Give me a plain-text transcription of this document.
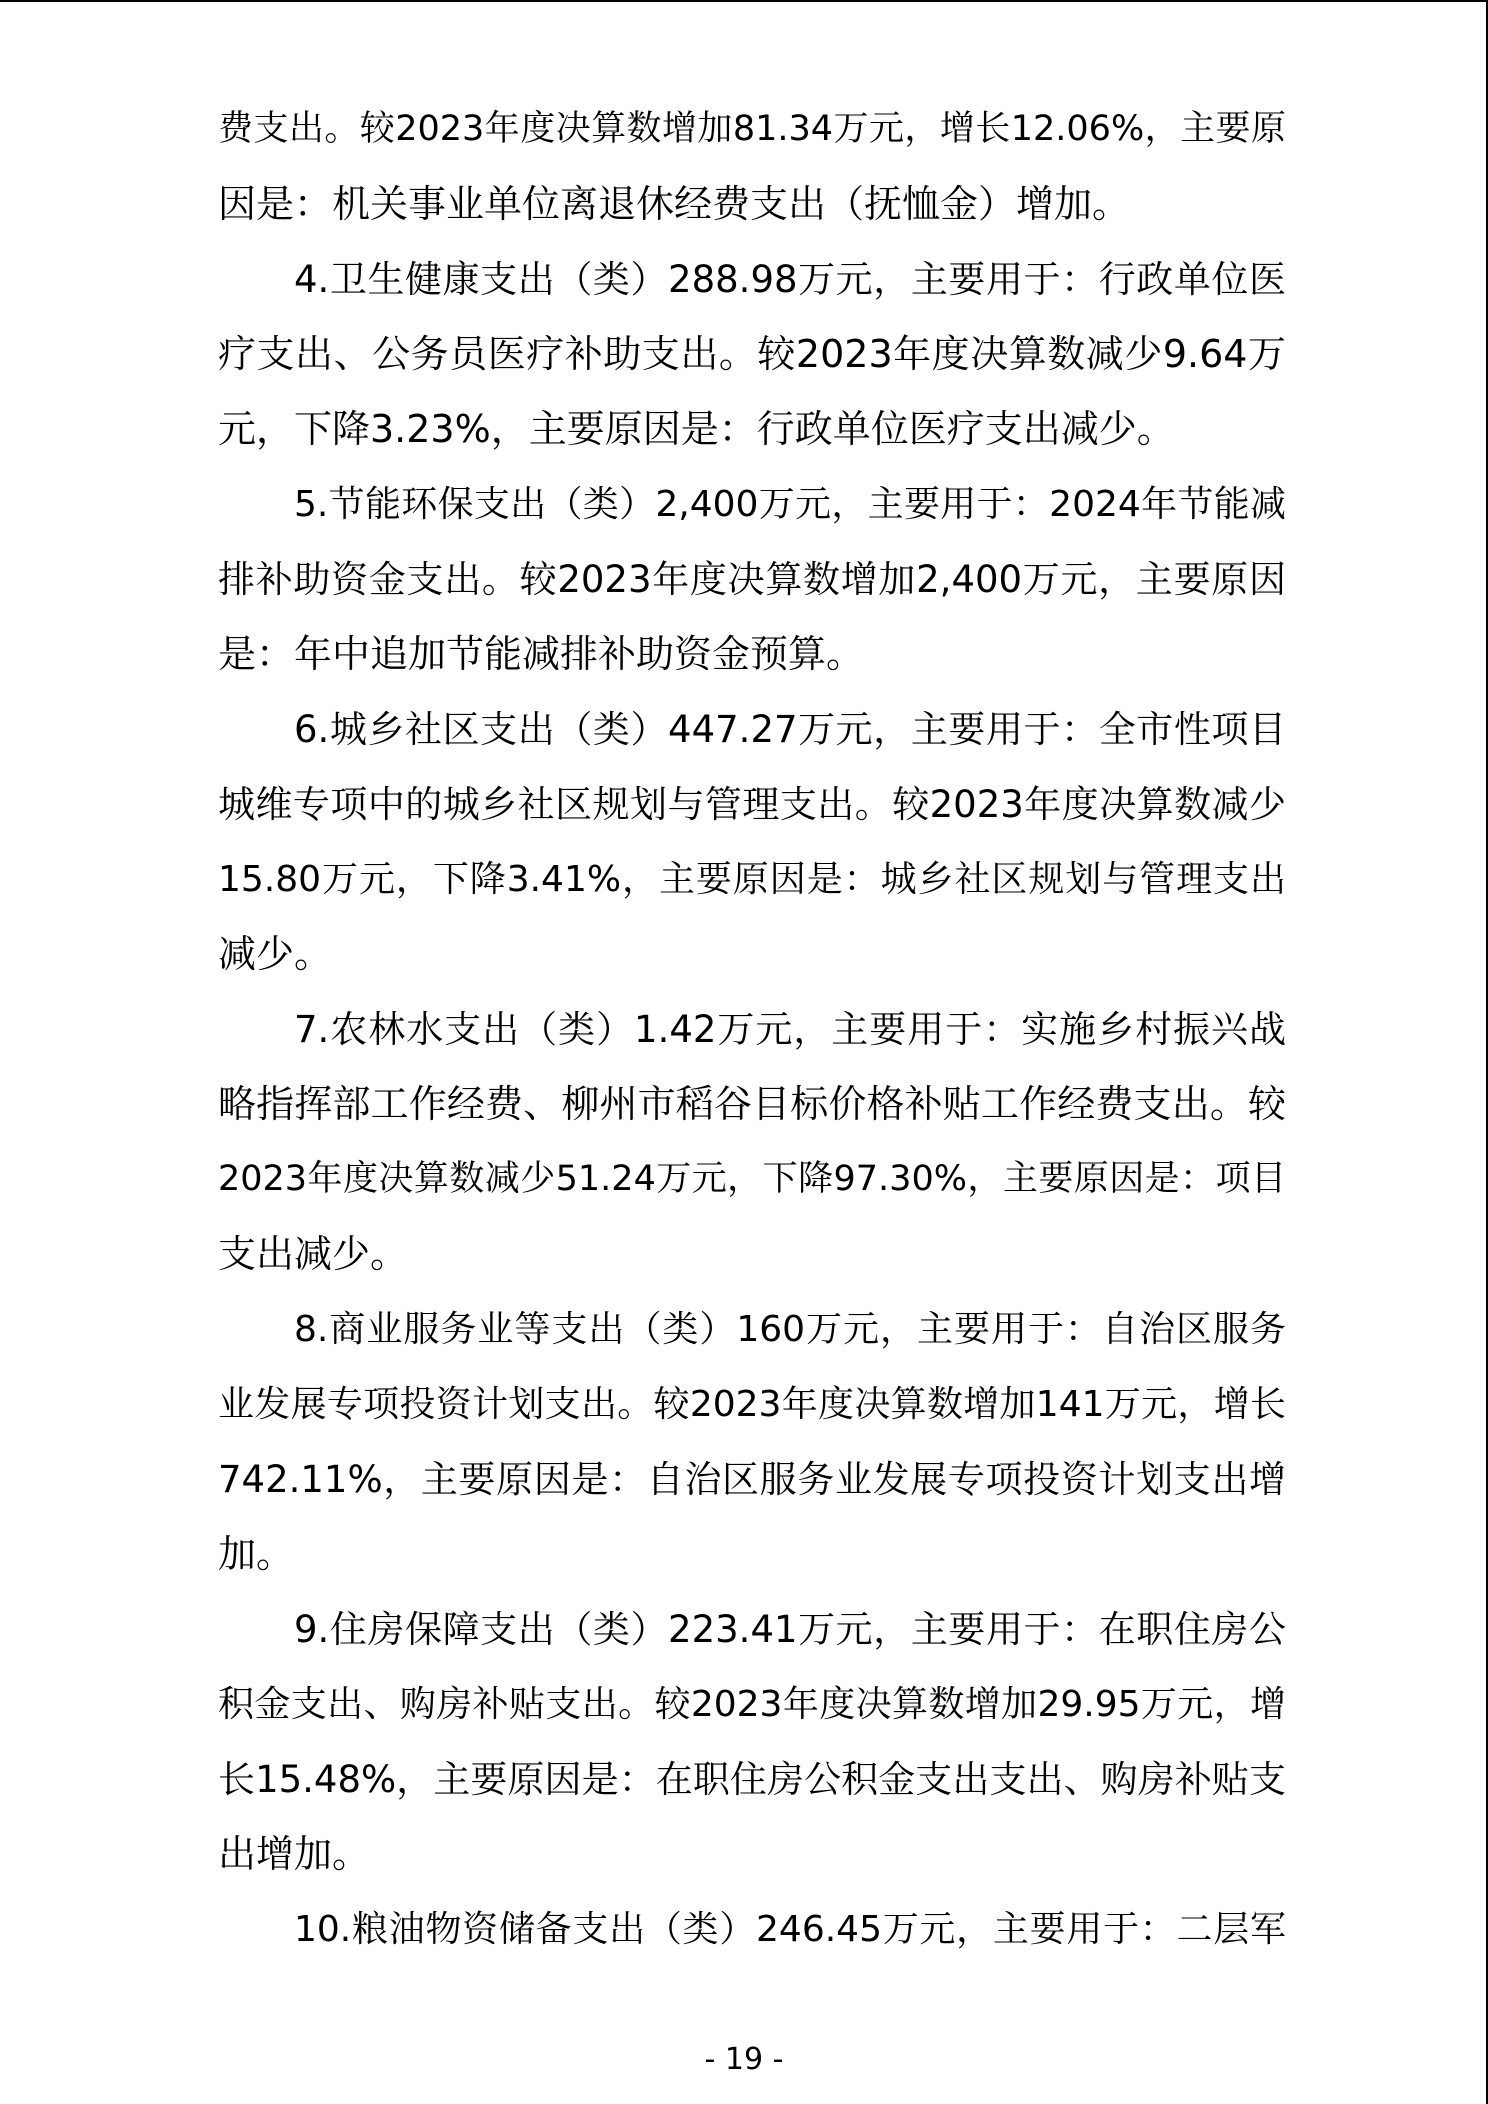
费支出。较2023年度决算数增加81.34万元，增长12.06%，主要原
因是：机关事业单位离退休经费支出（抚恤金）增加。
4.卫生健康支出（类）288.98万元，主要用于：行政单位医
疗支出、公务员医疗补助支出。较2023年度决算数减少9.64万
元，下降3.23%，主要原因是：行政单位医疗支出减少。
5.节能环保支出（类）2,400万元，主要用于：2024年节能减
排补助资金支出。较2023年度决算数增加2,400万元，主要原因
是：年中追加节能减排补助资金预算。
6.城乡社区支出（类）447.27万元，主要用于：全市性项目
城维专项中的城乡社区规划与管理支出。较2023年度决算数减少
15.80万元，下降3.41%，主要原因是：城乡社区规划与管理支出
减少。
7.农林水支出（类）1.42万元，主要用于：实施乡村振兴战
略指挥部工作经费、柳州市稻谷目标价格补贴工作经费支出。较
2023年度决算数减少51.24万元，下降97.30%，主要原因是：项目
支出减少。
8.商业服务业等支出（类）160万元，主要用于：自治区服务
业发展专项投资计划支出。较2023年度决算数增加141万元，增长
742.11%，主要原因是：自治区服务业发展专项投资计划支出增
加。
9.住房保障支出（类）223.41万元，主要用于：在职住房公
积金支出、购房补贴支出。较2023年度决算数增加29.95万元，增
长15.48%，主要原因是：在职住房公积金支出支出、购房补贴支
出增加。
10.粮油物资储备支出（类）246.45万元，主要用于：二层军
- 19 -
